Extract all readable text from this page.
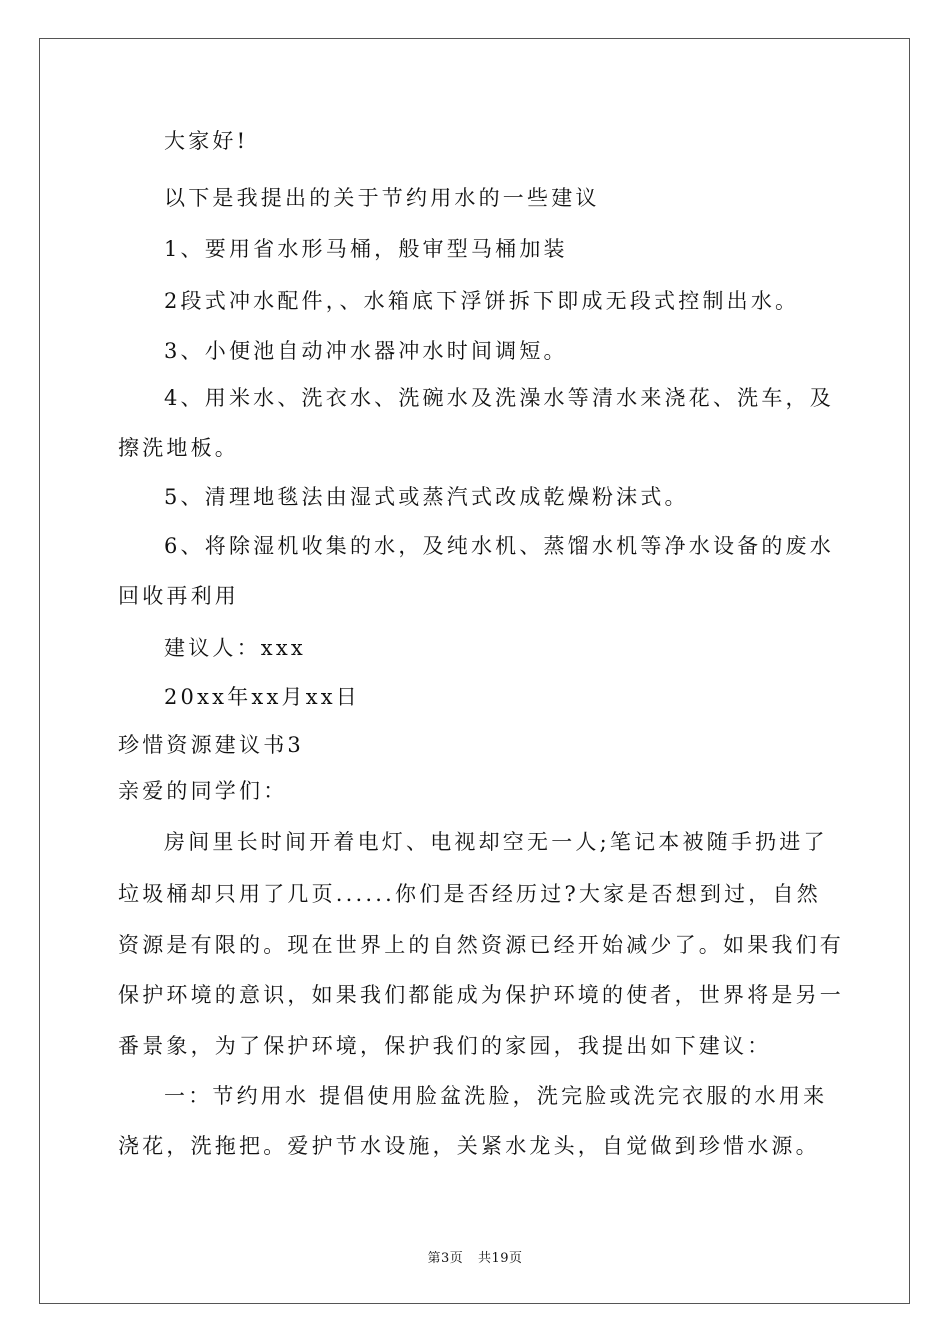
大家好!
以下是我提出的关于节约用水的一些建议
1、要用省水形马桶，般审型马桶加装
2段式冲水配件，、水箱底下浮饼拆下即成无段式控制出水。
3、小便池自动冲水器冲水时间调短。
4、用米水、洗衣水、洗碗水及洗澡水等清水来浇花、洗车，及
擦洗地板。
5、清理地毯法由湿式或蒸汽式改成乾燥粉沫式。
6、将除湿机收集的水，及纯水机、蒸馏水机等净水设备的废水
回收再利用
建议人：xxx
20xx年xx月xx日
珍惜资源建议书3
亲爱的同学们：
房间里长时间开着电灯、电视却空无一人;笔记本被随手扔进了
垃圾桶却只用了几页......你们是否经历过?大家是否想到过，自然
资源是有限的。现在世界上的自然资源已经开始减少了。如果我们有
保护环境的意识，如果我们都能成为保护环境的使者，世界将是另一
番景象，为了保护环境，保护我们的家园，我提出如下建议：
一：节约用水 提倡使用脸盆洗脸，洗完脸或洗完衣服的水用来
浇花，洗拖把。爱护节水设施，关紧水龙头，自觉做到珍惜水源。
第3页 共19页
